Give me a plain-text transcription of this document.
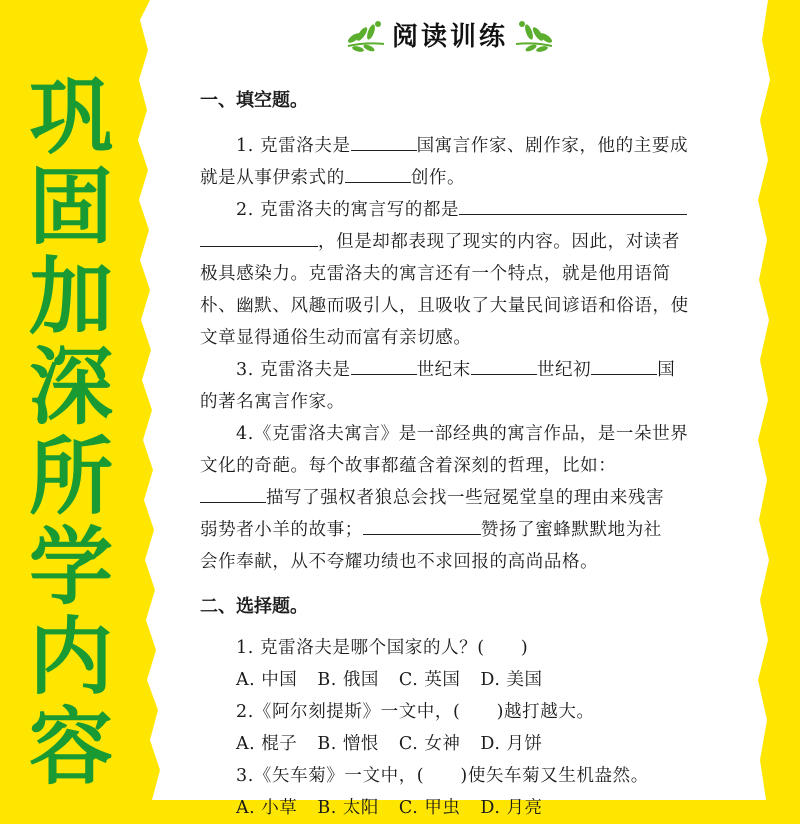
巩
固
加
深
所
学
内
容
阅读训练
一、填空题。

1. 克雷洛夫是	国寓言作家、剧作家，他的主要成

就是从事伊索式的	创作。

2. 克雷洛夫的寓言写的都是

，但是却都表现了现实的内容。因此，对读者

极具感染力。克雷洛夫的寓言还有一个特点，就是他用语简

朴、幽默、风趣而吸引人，且吸收了大量民间谚语和俗语，使

文章显得通俗生动而富有亲切感。

3. 克雷洛夫是	世纪末	世纪初	国

的著名寓言作家。

4.《克雷洛夫寓言》是一部经典的寓言作品，是一朵世界

文化的奇葩。每个故事都蕴含着深刻的哲理，比如：

描写了强权者狼总会找一些冠冕堂皇的理由来残害

弱势者小羊的故事；	赞扬了蜜蜂默默地为社

会作奉献，从不夸耀功绩也不求回报的高尚品格。

二、选择题。

1. 克雷洛夫是哪个国家的人？(　　)

A. 中国 B. 俄国 C. 英国 D. 美国

2.《阿尔刻提斯》一文中，(　　)越打越大。

A. 棍子 B. 憎恨 C. 女神 D. 月饼

3.《矢车菊》一文中，(　　)使矢车菊又生机盎然。

A. 小草 B. 太阳 C. 甲虫 D. 月亮
